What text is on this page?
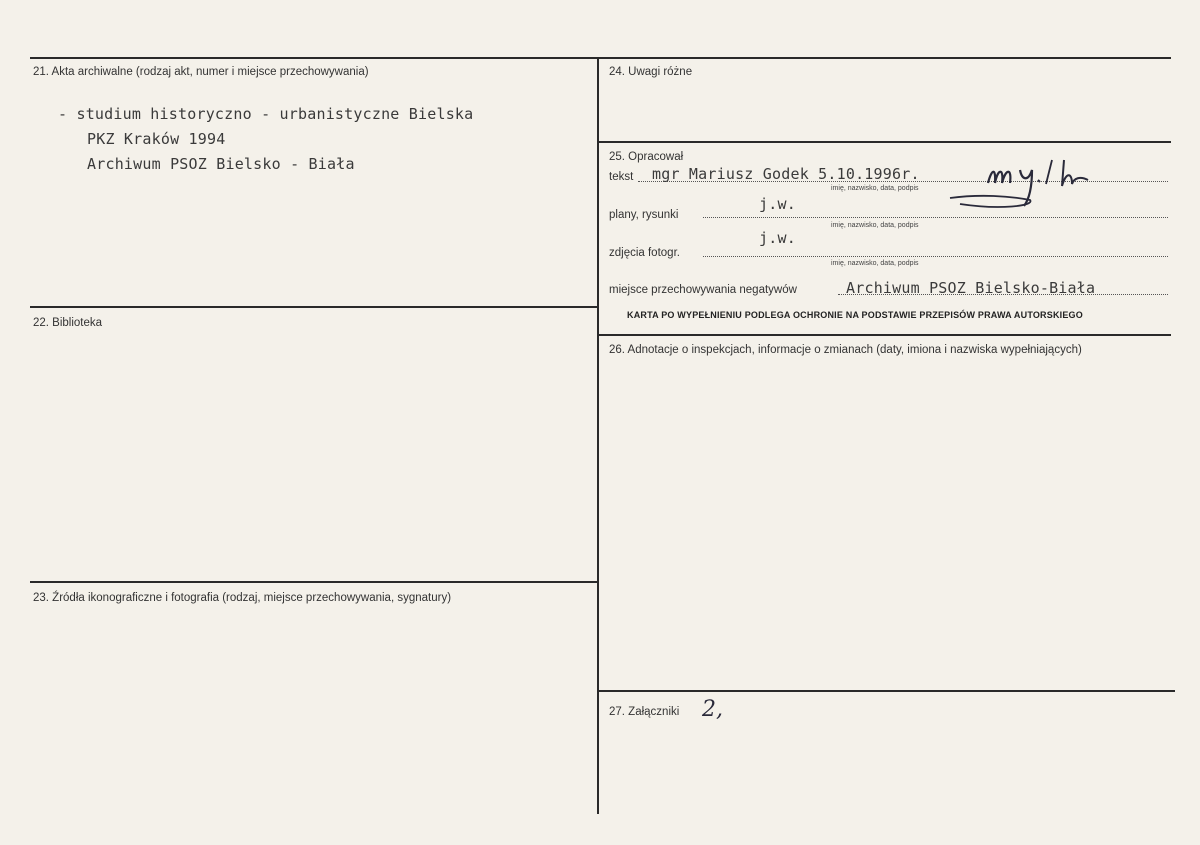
21. Akta archiwalne (rodzaj akt, numer i miejsce przechowywania)
- studium historyczno - urbanistyczne Bielska
PKZ Kraków 1994
Archiwum PSOZ Bielsko - Biała
22. Biblioteka
23. Źródła ikonograficzne i fotografia (rodzaj, miejsce przechowywania, sygnatury)
24. Uwagi różne
25. Opracował
tekst mgr Mariusz Godek 5.10.1996r.
imię, nazwisko, data, podpis
plany, rysunki
j.w.
imię, nazwisko, data, podpis
zdjęcia fotogr.
j.w.
imię, nazwisko, data, podpis
miejsce przechowywania negatywów	Archiwum PSOZ Bielsko-Biała
KARTA PO WYPEŁNIENIU PODLEGA OCHRONIE NA PODSTAWIE PRZEPISÓW PRAWA AUTORSKIEGO
26. Adnotacje o inspekcjach, informacje o zmianach (daty, imiona i nazwiska wypełniających)
27. Załączniki 2,
